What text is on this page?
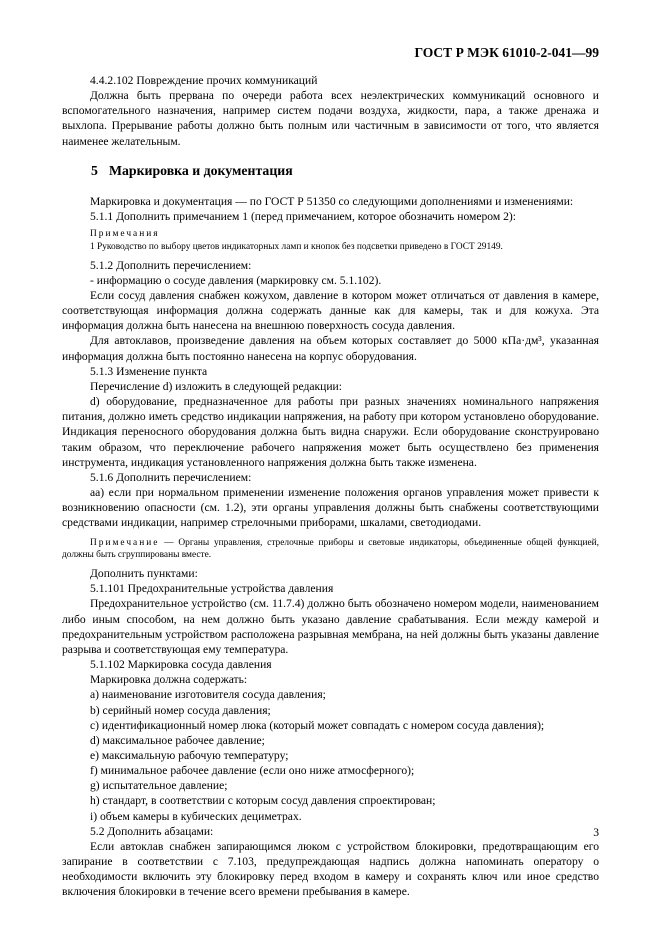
ГОСТ Р МЭК 61010-2-041—99

4.4.2.102 Повреждение прочих коммуникаций

Должна быть прервана по очереди работа всех неэлектрических коммуникаций основного и вспомогательного назначения, например систем подачи воздуха, жидкости, пара, а также дренажа и выхлопа. Прерывание работы должно быть полным или частичным в зависимости от того, что является наименее желательным.

5 Маркировка и документация

Маркировка и документация — по ГОСТ Р 51350 со следующими дополнениями и изменениями:

5.1.1 Дополнить примечанием 1 (перед примечанием, которое обозначить номером 2):

Примечания

1 Руководство по выбору цветов индикаторных ламп и кнопок без подсветки приведено в ГОСТ 29149.

5.1.2 Дополнить перечислением:

- информацию о сосуде давления (маркировку см. 5.1.102).

Если сосуд давления снабжен кожухом, давление в котором может отличаться от давления в камере, соответствующая информация должна содержать данные как для камеры, так и для кожуха. Эта информация должна быть нанесена на внешнюю поверхность сосуда давления.

Для автоклавов, произведение давления на объем которых составляет до 5000 кПа·дм³, указанная информация должна быть постоянно нанесена на корпус оборудования.

5.1.3 Изменение пункта

Перечисление d) изложить в следующей редакции:

d) оборудование, предназначенное для работы при разных значениях номинального напряжения питания, должно иметь средство индикации напряжения, на работу при котором установлено оборудование. Индикация переносного оборудования должна быть видна снаружи. Если оборудование сконструировано таким образом, что переключение рабочего напряжения может быть осуществлено без применения инструмента, индикация установленного напряжения должна быть также изменена.

5.1.6 Дополнить перечислением:

аа) если при нормальном применении изменение положения органов управления может привести к возникновению опасности (см. 1.2), эти органы управления должны быть снабжены соответствующими средствами индикации, например стрелочными приборами, шкалами, светодиодами.

Примечание — Органы управления, стрелочные приборы и световые индикаторы, объединенные общей функцией, должны быть сгруппированы вместе.

Дополнить пунктами:

5.1.101 Предохранительные устройства давления

Предохранительное устройство (см. 11.7.4) должно быть обозначено номером модели, наименованием либо иным способом, на нем должно быть указано давление срабатывания. Если между камерой и предохранительным устройством расположена разрывная мембрана, на ней должны быть указаны давление разрыва и соответствующая ему температура.

5.1.102 Маркировка сосуда давления

Маркировка должна содержать:

a) наименование изготовителя сосуда давления;

b) серийный номер сосуда давления;

c) идентификационный номер люка (который может совпадать с номером сосуда давления);

d) максимальное рабочее давление;

e) максимальную рабочую температуру;

f) минимальное рабочее давление (если оно ниже атмосферного);

g) испытательное давление;

h) стандарт, в соответствии с которым сосуд давления спроектирован;

i) объем камеры в кубических дециметрах.

5.2 Дополнить абзацами:

Если автоклав снабжен запирающимся люком с устройством блокировки, предотвращающим его запирание в соответствии с 7.103, предупреждающая надпись должна напоминать оператору о необходимости включить эту блокировку перед входом в камеру и сохранять ключ или иное средство включения блокировки в течение всего времени пребывания в камере.

3
